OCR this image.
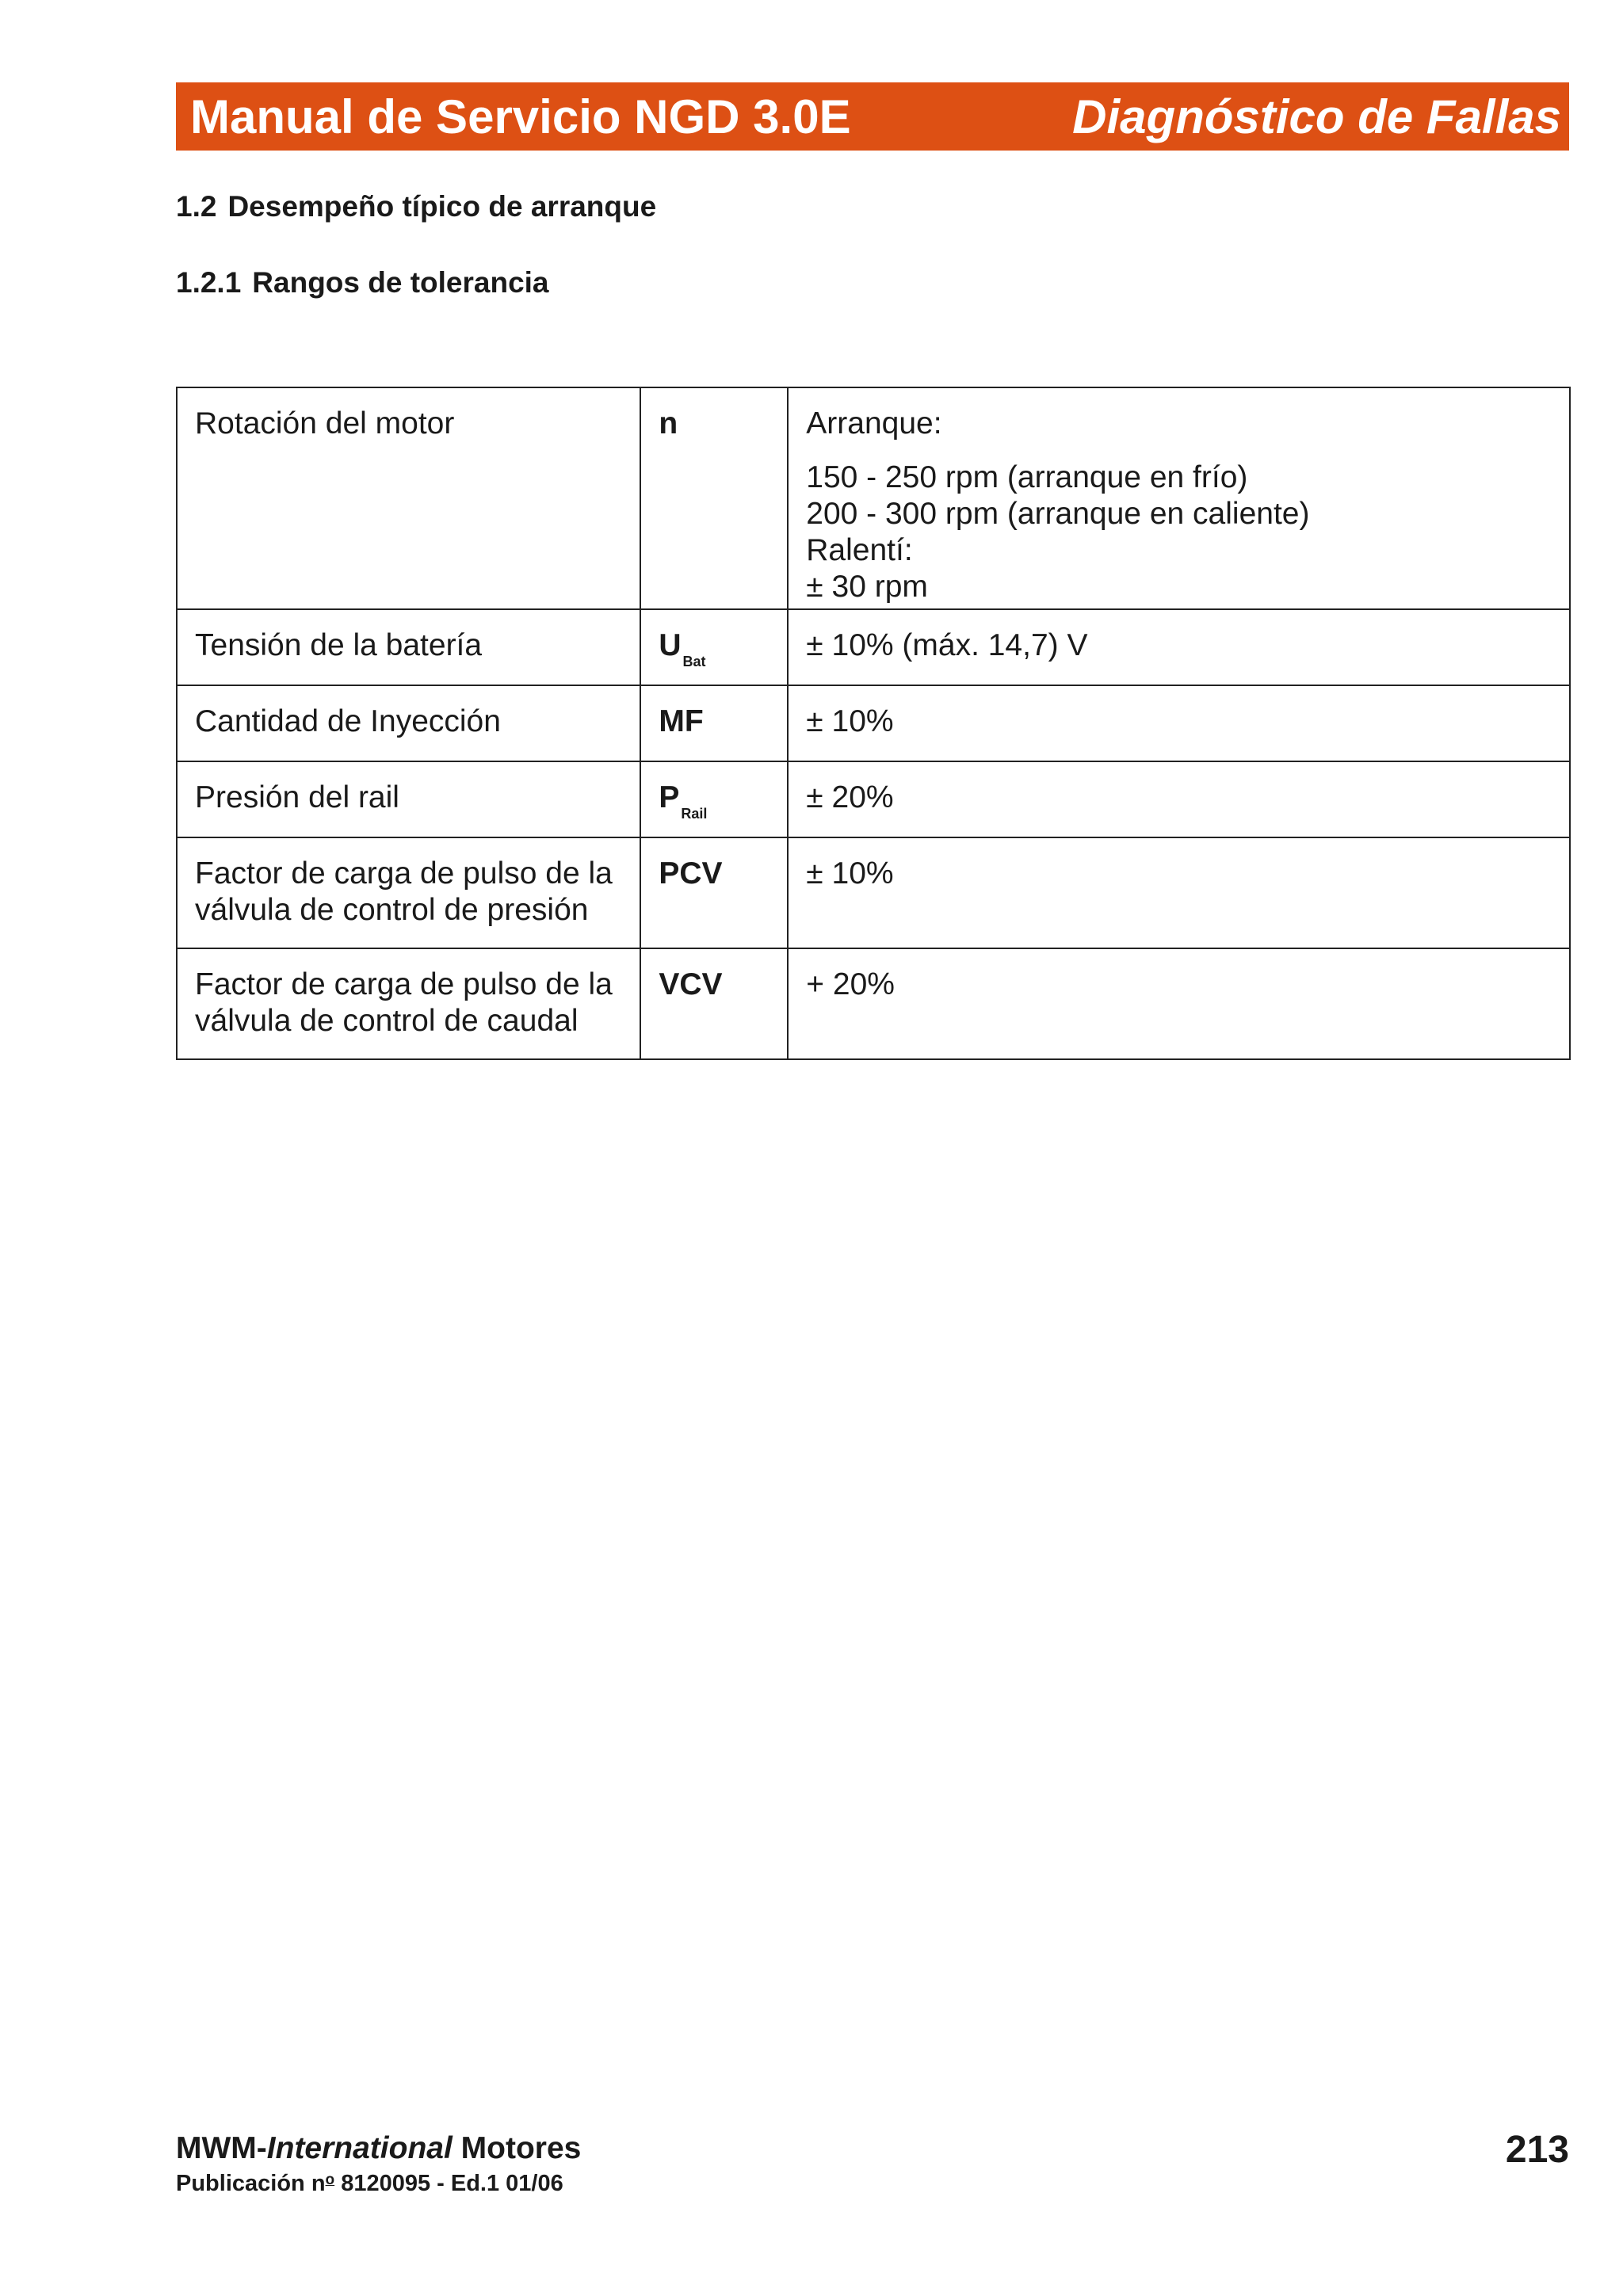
Manual de Servicio NGD 3.0E	Diagnóstico de Fallas
1.2 Desempeño típico de arranque
1.2.1 Rangos de tolerancia
Rotación del motor	n	Arranque:
150 - 250 rpm (arranque en frío)
200 - 300 rpm (arranque en caliente)
Ralentí:
± 30 rpm

Tensión de la batería	U $_{Bat}$	± 10% (máx. 14,7) V

Cantidad de Inyección	MF	± 10%

Presión del rail	P $_{Rail}$	± 20%

Factor de carga de pulso de la
válvula de control de presión	PCV	± 10%

Factor de carga de pulso de la
válvula de control de caudal	VCV	+ 20%
MWM-International Motores
Publicación $n^o$ 8120095 - Ed.1 01/06
213
